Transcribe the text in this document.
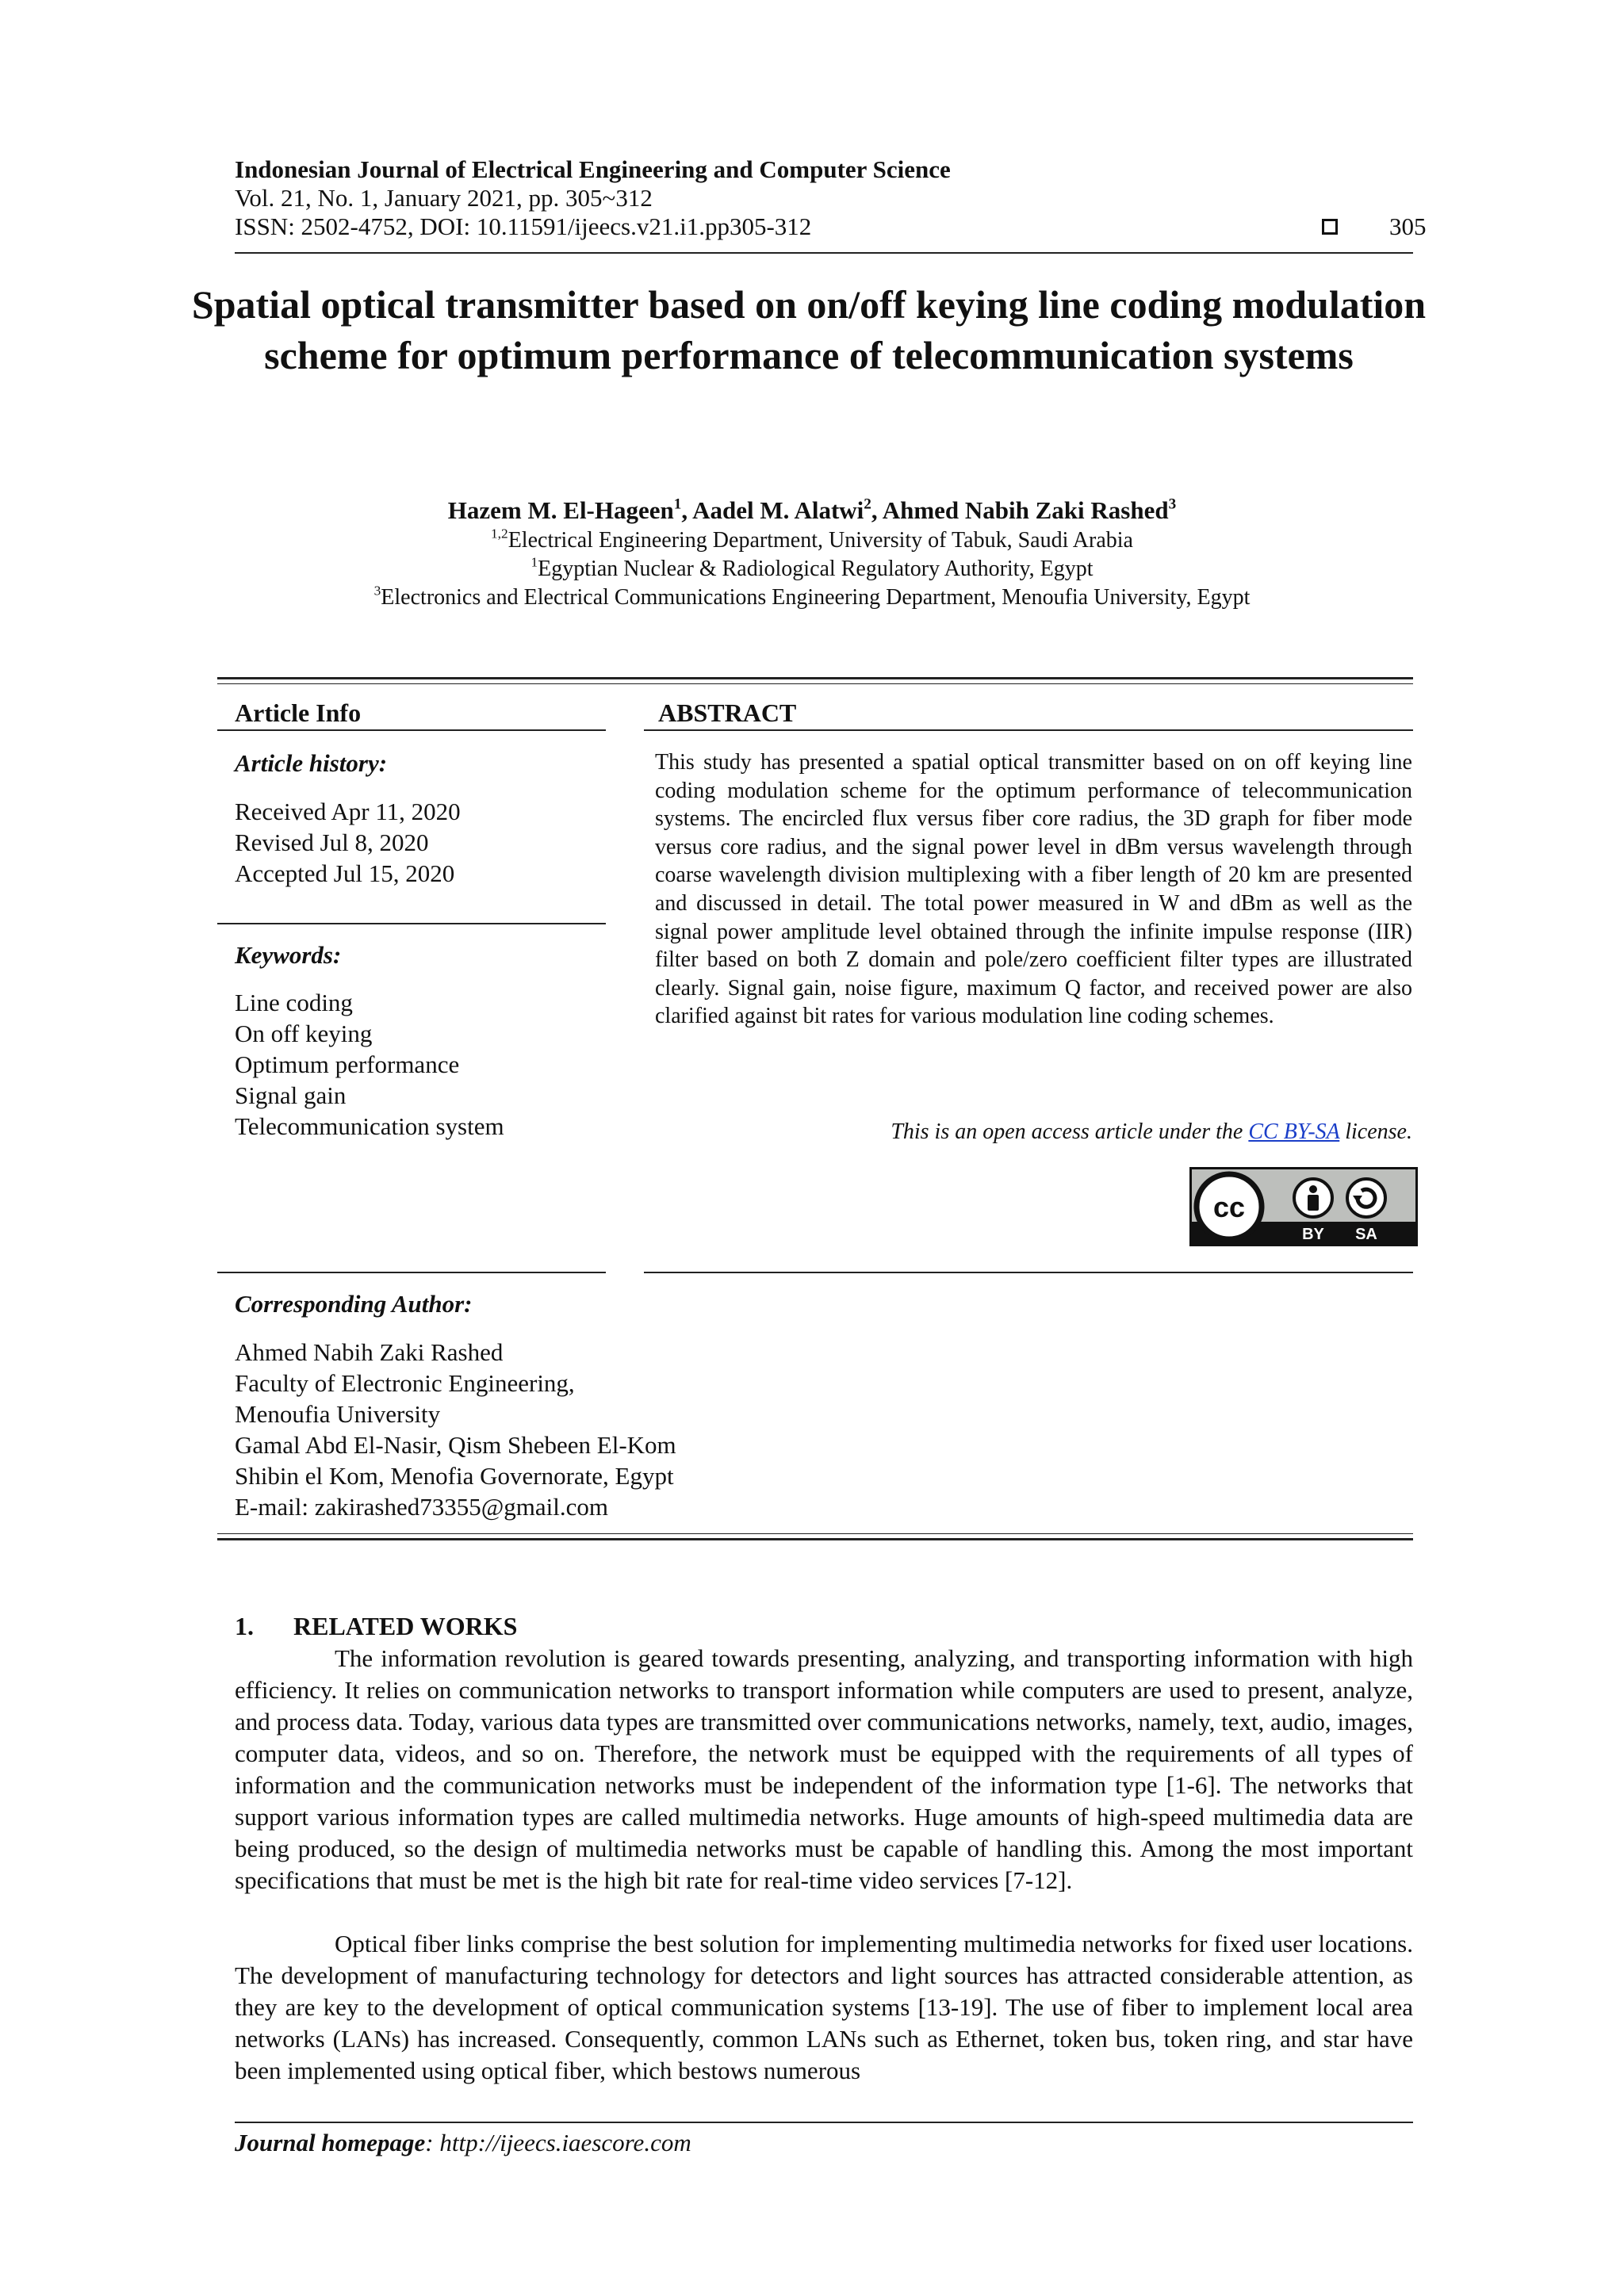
Indonesian Journal of Electrical Engineering and Computer Science
Vol. 21, No. 1, January 2021, pp. 305~312
ISSN: 2502-4752, DOI: 10.11591/ijeecs.v21.i1.pp305-312	305
Spatial optical transmitter based on on/off keying line coding modulation scheme for optimum performance of telecommunication systems
Hazem M. El-Hageen$^1$, Aadel M. Alatwi$^2$, Ahmed Nabih Zaki Rashed$^3$
$^{1,2}$Electrical Engineering Department, University of Tabuk, Saudi Arabia
$^1$Egyptian Nuclear & Radiological Regulatory Authority, Egypt
$^3$Electronics and Electrical Communications Engineering Department, Menoufia University, Egypt
Article Info
Article history:
Received Apr 11, 2020
Revised Jul 8, 2020
Accepted Jul 15, 2020
Keywords:
Line coding
On off keying
Optimum performance
Signal gain
Telecommunication system
ABSTRACT
This study has presented a spatial optical transmitter based on on off keying line coding modulation scheme for the optimum performance of telecommunication systems. The encircled flux versus fiber core radius, the 3D graph for fiber mode versus core radius, and the signal power level in dBm versus wavelength through coarse wavelength division multiplexing with a fiber length of 20 km are presented and discussed in detail. The total power measured in W and dBm as well as the signal power amplitude level obtained through the infinite impulse response (IIR) filter based on both Z domain and pole/zero coefficient filter types are illustrated clearly. Signal gain, noise figure, maximum Q factor, and received power are also clarified against bit rates for various modulation line coding schemes.
This is an open access article under the CC BY-SA license.
cc
BY SA
Corresponding Author:
Ahmed Nabih Zaki Rashed
Faculty of Electronic Engineering,
Menoufia University
Gamal Abd El-Nasir, Qism Shebeen El-Kom
Shibin el Kom, Menofia Governorate, Egypt
E-mail: zakirashed73355@gmail.com
1. RELATED WORKS
The information revolution is geared towards presenting, analyzing, and transporting information with high efficiency. It relies on communication networks to transport information while computers are used to present, analyze, and process data. Today, various data types are transmitted over communications networks, namely, text, audio, images, computer data, videos, and so on. Therefore, the network must be equipped with the requirements of all types of information and the communication networks must be independent of the information type [1-6]. The networks that support various information types are called multimedia networks. Huge amounts of high-speed multimedia data are being produced, so the design of multimedia networks must be capable of handling this. Among the most important specifications that must be met is the high bit rate for real-time video services [7-12].
Optical fiber links comprise the best solution for implementing multimedia networks for fixed user locations. The development of manufacturing technology for detectors and light sources has attracted considerable attention, as they are key to the development of optical communication systems [13-19]. The use of fiber to implement local area networks (LANs) has increased. Consequently, common LANs such as Ethernet, token bus, token ring, and star have been implemented using optical fiber, which bestows numerous
Journal homepage: http://ijeecs.iaescore.com
